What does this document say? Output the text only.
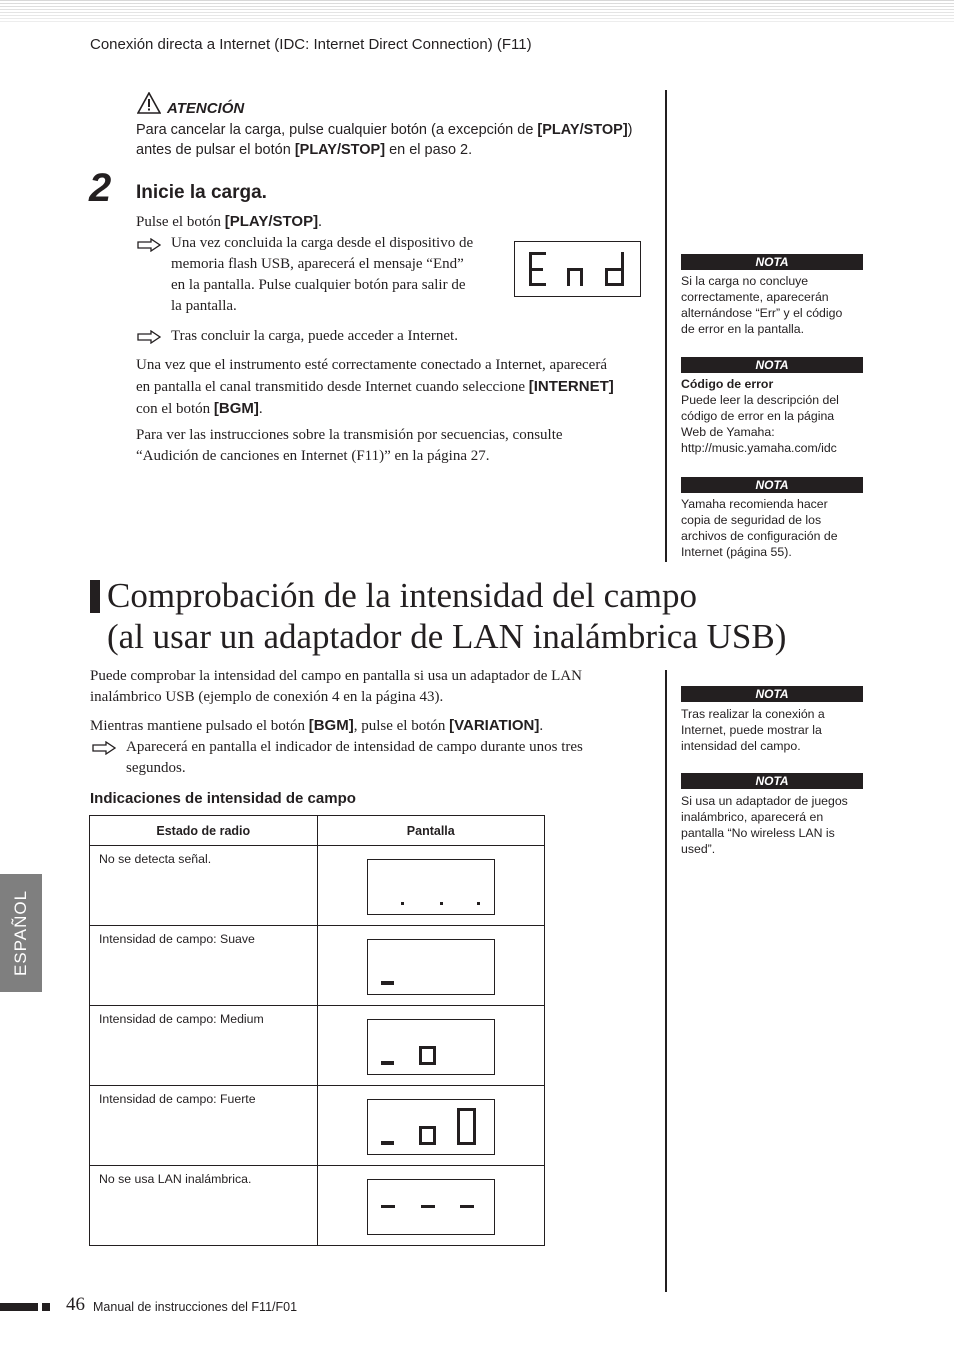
Conexión directa a Internet (IDC: Internet Direct Connection) (F11)
ATENCIÓN
Para cancelar la carga, pulse cualquier botón (a excepción de [PLAY/STOP])
antes de pulsar el botón [PLAY/STOP] en el paso 2.
2 Inicie la carga.
Pulse el botón [PLAY/STOP].
Una vez concluida la carga desde el dispositivo de
memoria flash USB, aparecerá el mensaje “End”
en la pantalla. Pulse cualquier botón para salir de
la pantalla.
Tras concluir la carga, puede acceder a Internet.
Una vez que el instrumento esté correctamente conectado a Internet, aparecerá
en pantalla el canal transmitido desde Internet cuando seleccione [INTERNET]
con el botón [BGM].
Para ver las instrucciones sobre la transmisión por secuencias, consulte
“Audición de canciones en Internet (F11)” en la página 27.
NOTA
Si la carga no concluye
correctamente, aparecerán
alternándose “Err” y el código
de error en la pantalla.
NOTA
Código de error
Puede leer la descripción del
código de error en la página
Web de Yamaha:
http://music.yamaha.com/idc
NOTA
Yamaha recomienda hacer
copia de seguridad de los
archivos de configuración de
Internet (página 55).
Comprobación de la intensidad del campo
(al usar un adaptador de LAN inalámbrica USB)
Puede comprobar la intensidad del campo en pantalla si usa un adaptador de LAN
inalámbrico USB (ejemplo de conexión 4 en la página 43).
Mientras mantiene pulsado el botón [BGM], pulse el botón [VARIATION].
Aparecerá en pantalla el indicador de intensidad de campo durante unos tres
segundos.
Indicaciones de intensidad de campo
Estado de radio	Pantalla
No se detecta señal.	

Intensidad de campo: Suave	

Intensidad de campo: Medium	

Intensidad de campo: Fuerte	

No se usa LAN inalámbrica.	
NOTA
Tras realizar la conexión a
Internet, puede mostrar la
intensidad del campo.
NOTA
Si usa un adaptador de juegos
inalámbrico, aparecerá en
pantalla “No wireless LAN is
used”.
ESPAÑOL
46 Manual de instrucciones del F11/F01
